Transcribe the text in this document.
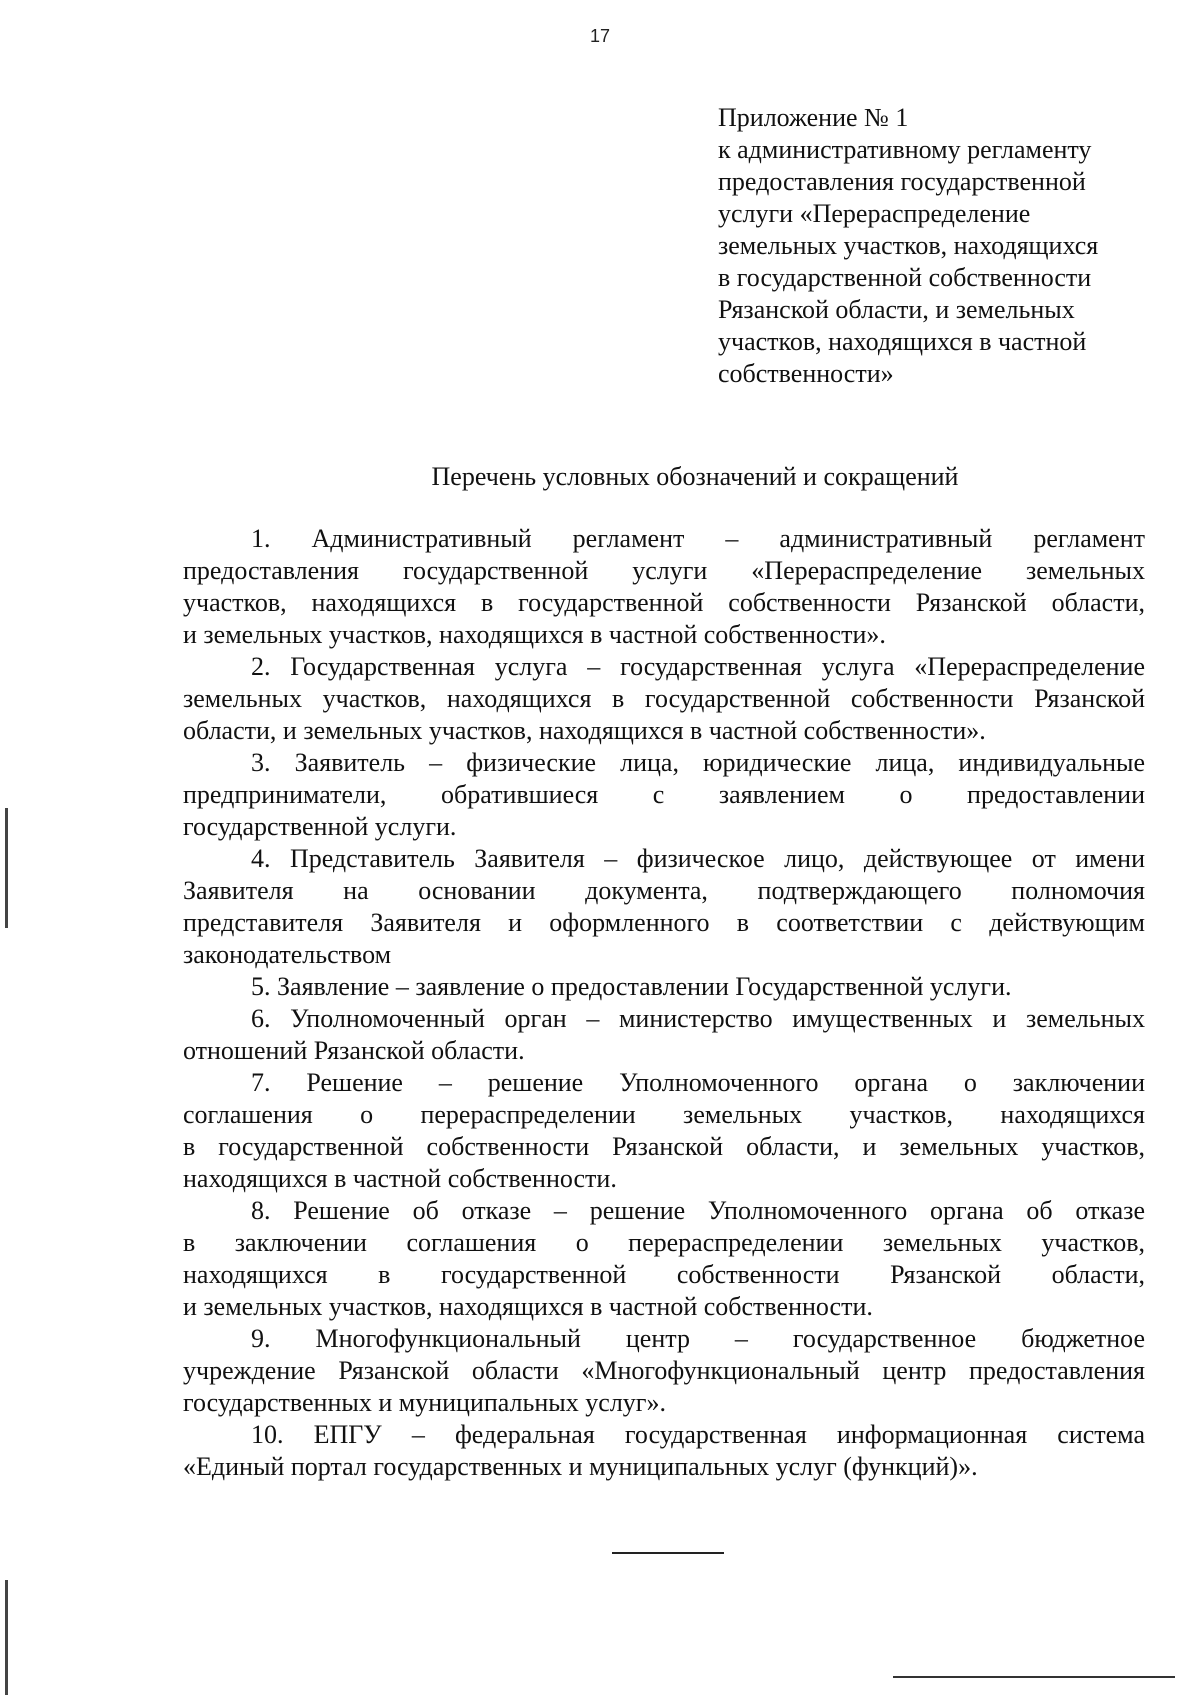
17
Приложение № 1
к административному регламенту
предоставления государственной
услуги «Перераспределение
земельных участков, находящихся
в государственной собственности
Рязанской области, и земельных
участков, находящихся в частной
собственности»
Перечень условных обозначений и сокращений
1. Административный регламент – административный регламент
предоставления государственной услуги «Перераспределение земельных
участков, находящихся в государственной собственности Рязанской области,
и земельных участков, находящихся в частной собственности».
2. Государственная услуга – государственная услуга «Перераспределение
земельных участков, находящихся в государственной собственности Рязанской
области, и земельных участков, находящихся в частной собственности».
3. Заявитель – физические лица, юридические лица, индивидуальные
предприниматели, обратившиеся с заявлением о предоставлении
государственной услуги.
4. Представитель Заявителя – физическое лицо, действующее от имени
Заявителя на основании документа, подтверждающего полномочия
представителя Заявителя и оформленного в соответствии с действующим
законодательством
5. Заявление – заявление о предоставлении Государственной услуги.
6. Уполномоченный орган – министерство имущественных и земельных
отношений Рязанской области.
7. Решение – решение Уполномоченного органа о заключении
соглашения о перераспределении земельных участков, находящихся
в государственной собственности Рязанской области, и земельных участков,
находящихся в частной собственности.
8. Решение об отказе – решение Уполномоченного органа об отказе
в заключении соглашения о перераспределении земельных участков,
находящихся в государственной собственности Рязанской области,
и земельных участков, находящихся в частной собственности.
9. Многофункциональный центр – государственное бюджетное
учреждение Рязанской области «Многофункциональный центр предоставления
государственных и муниципальных услуг».
10. ЕПГУ – федеральная государственная информационная система
«Единый портал государственных и муниципальных услуг (функций)».
